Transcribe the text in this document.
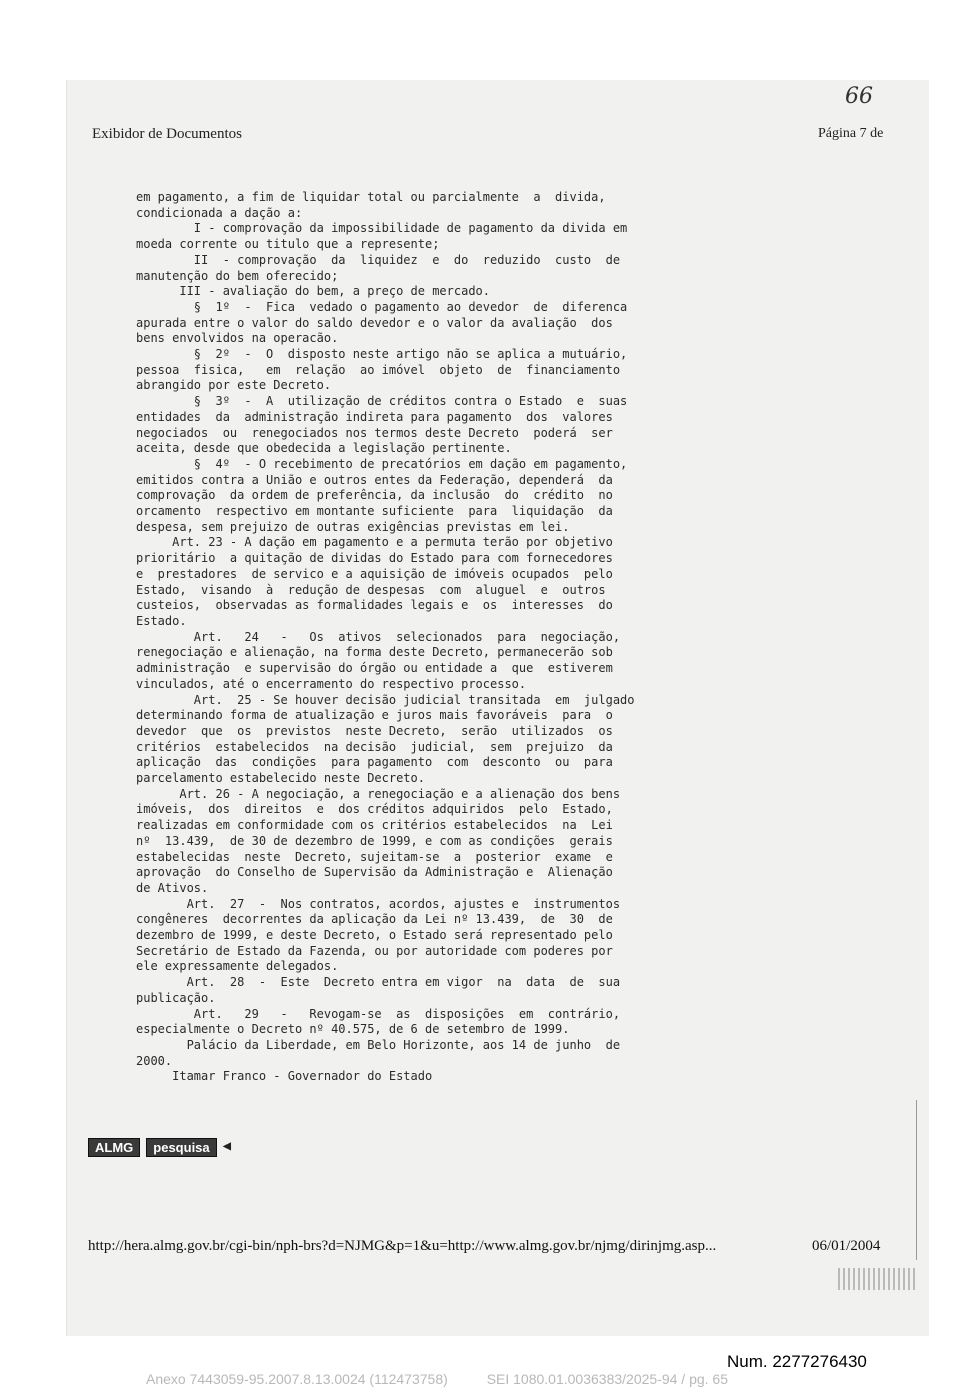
Exibidor de Documentos	Página 7 de
66

em pagamento, a fim de liquidar total ou parcialmente  a  divida,

condicionada a dação a:

I - comprovação da impossibilidade de pagamento da divida em

moeda corrente ou titulo que a represente;

II  - comprovação  da  liquidez  e  do  reduzido  custo  de

manutenção do bem oferecido;

III - avaliação do bem, a preço de mercado.

§  1º  -  Fica  vedado o pagamento ao devedor  de  diferenca

apurada entre o valor do saldo devedor e o valor da avaliação  dos

bens envolvidos na operacão.

§  2º  -  O  disposto neste artigo não se aplica a mutuário,

pessoa  fisica,   em  relação  ao imóvel  objeto  de  financiamento

abrangido por este Decreto.

§  3º  -  A  utilização de créditos contra o Estado  e  suas

entidades  da  administração indireta para pagamento  dos  valores

negociados  ou  renegociados nos termos deste Decreto  poderá  ser

aceita, desde que obedecida a legislação pertinente.

§  4º  - O recebimento de precatórios em dação em pagamento,

emitidos contra a União e outros entes da Federação, dependerá  da

comprovação  da ordem de preferência, da inclusão  do  crédito  no

orcamento  respectivo em montante suficiente  para  liquidação  da

despesa, sem prejuizo de outras exigências previstas em lei.

Art. 23 - A dação em pagamento e a permuta terão por objetivo

prioritário  a quitação de dividas do Estado para com fornecedores

e  prestadores  de servico e a aquisição de imóveis ocupados  pelo

Estado,  visando  à  redução de despesas  com  aluguel  e  outros

custeios,  observadas as formalidades legais e  os  interesses  do

Estado.

Art.   24   -   Os  ativos  selecionados  para  negociação,

renegociação e alienação, na forma deste Decreto, permanecerão sob

administração  e supervisão do órgão ou entidade a  que  estiverem

vinculados, até o encerramento do respectivo processo.

Art.  25 - Se houver decisão judicial transitada  em  julgado

determinando forma de atualização e juros mais favoráveis  para  o

devedor  que  os  previstos  neste Decreto,  serão  utilizados  os

critérios  estabelecidos  na decisão  judicial,  sem  prejuizo  da

aplicação  das  condições  para pagamento  com  desconto  ou  para

parcelamento estabelecido neste Decreto.

Art. 26 - A negociação, a renegociação e a alienação dos bens

imóveis,  dos  direitos  e  dos créditos adquiridos  pelo  Estado,

realizadas em conformidade com os critérios estabelecidos  na  Lei

nº  13.439,  de 30 de dezembro de 1999, e com as condições  gerais

estabelecidas  neste  Decreto, sujeitam-se  a  posterior  exame  e

aprovação  do Conselho de Supervisão da Administração e  Alienação

de Ativos.

Art.  27  -  Nos contratos, acordos, ajustes e  instrumentos

congêneres  decorrentes da aplicação da Lei nº 13.439,  de  30  de

dezembro de 1999, e deste Decreto, o Estado será representado pelo

Secretário de Estado da Fazenda, ou por autoridade com poderes por

ele expressamente delegados.

Art.  28  -  Este  Decreto entra em vigor  na  data  de  sua

publicação.

Art.   29   -   Revogam-se  as  disposições  em  contrário,

especialmente o Decreto nº 40.575, de 6 de setembro de 1999.

Palácio da Liberdade, em Belo Horizonte, aos 14 de junho  de

2000.

Itamar Franco - Governador do Estado

ALMG	pesquisa ◀
http://hera.almg.gov.br/cgi-bin/nph-brs?d=NJMG&p=1&u=http://www.almg.gov.br/njmg/dirinjmg.asp...	06/01/2004
Num. 2277276430
Anexo 7443059-95.2007.8.13.0024 (112473758)	SEI 1080.01.0036383/2025-94 / pg. 65
